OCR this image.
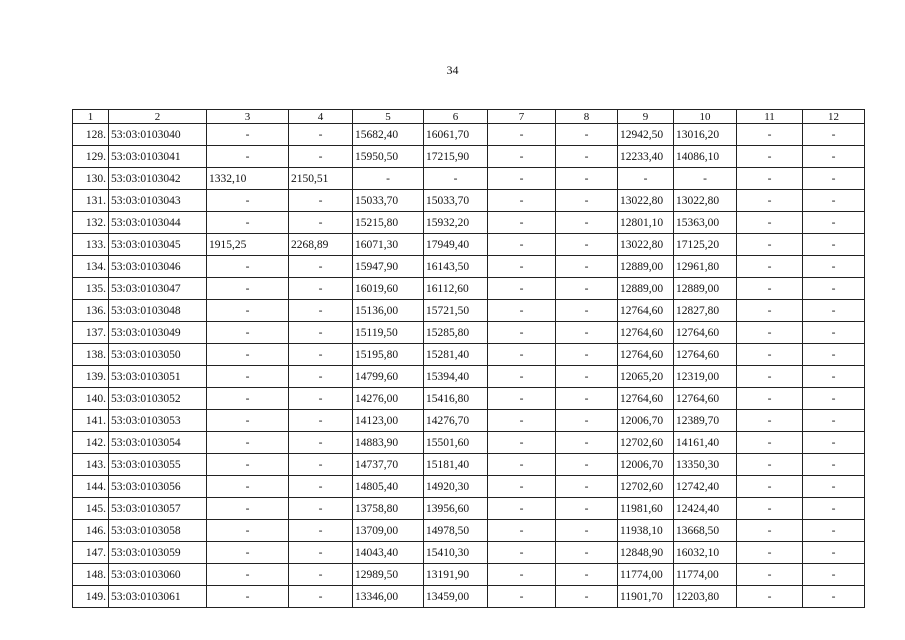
34
1	2	3	4	5	6	7	8	9	10	11	12
128.	53:03:0103040	-	-	15682,40	16061,70	-	-	12942,50	13016,20	-	-
129.	53:03:0103041	-	-	15950,50	17215,90	-	-	12233,40	14086,10	-	-
130.	53:03:0103042	1332,10	2150,51	-	-	-	-	-	-	-	-
131.	53:03:0103043	-	-	15033,70	15033,70	-	-	13022,80	13022,80	-	-
132.	53:03:0103044	-	-	15215,80	15932,20	-	-	12801,10	15363,00	-	-
133.	53:03:0103045	1915,25	2268,89	16071,30	17949,40	-	-	13022,80	17125,20	-	-
134.	53:03:0103046	-	-	15947,90	16143,50	-	-	12889,00	12961,80	-	-
135.	53:03:0103047	-	-	16019,60	16112,60	-	-	12889,00	12889,00	-	-
136.	53:03:0103048	-	-	15136,00	15721,50	-	-	12764,60	12827,80	-	-
137.	53:03:0103049	-	-	15119,50	15285,80	-	-	12764,60	12764,60	-	-
138.	53:03:0103050	-	-	15195,80	15281,40	-	-	12764,60	12764,60	-	-
139.	53:03:0103051	-	-	14799,60	15394,40	-	-	12065,20	12319,00	-	-
140.	53:03:0103052	-	-	14276,00	15416,80	-	-	12764,60	12764,60	-	-
141.	53:03:0103053	-	-	14123,00	14276,70	-	-	12006,70	12389,70	-	-
142.	53:03:0103054	-	-	14883,90	15501,60	-	-	12702,60	14161,40	-	-
143.	53:03:0103055	-	-	14737,70	15181,40	-	-	12006,70	13350,30	-	-
144.	53:03:0103056	-	-	14805,40	14920,30	-	-	12702,60	12742,40	-	-
145.	53:03:0103057	-	-	13758,80	13956,60	-	-	11981,60	12424,40	-	-
146.	53:03:0103058	-	-	13709,00	14978,50	-	-	11938,10	13668,50	-	-
147.	53:03:0103059	-	-	14043,40	15410,30	-	-	12848,90	16032,10	-	-
148.	53:03:0103060	-	-	12989,50	13191,90	-	-	11774,00	11774,00	-	-
149.	53:03:0103061	-	-	13346,00	13459,00	-	-	11901,70	12203,80	-	-
